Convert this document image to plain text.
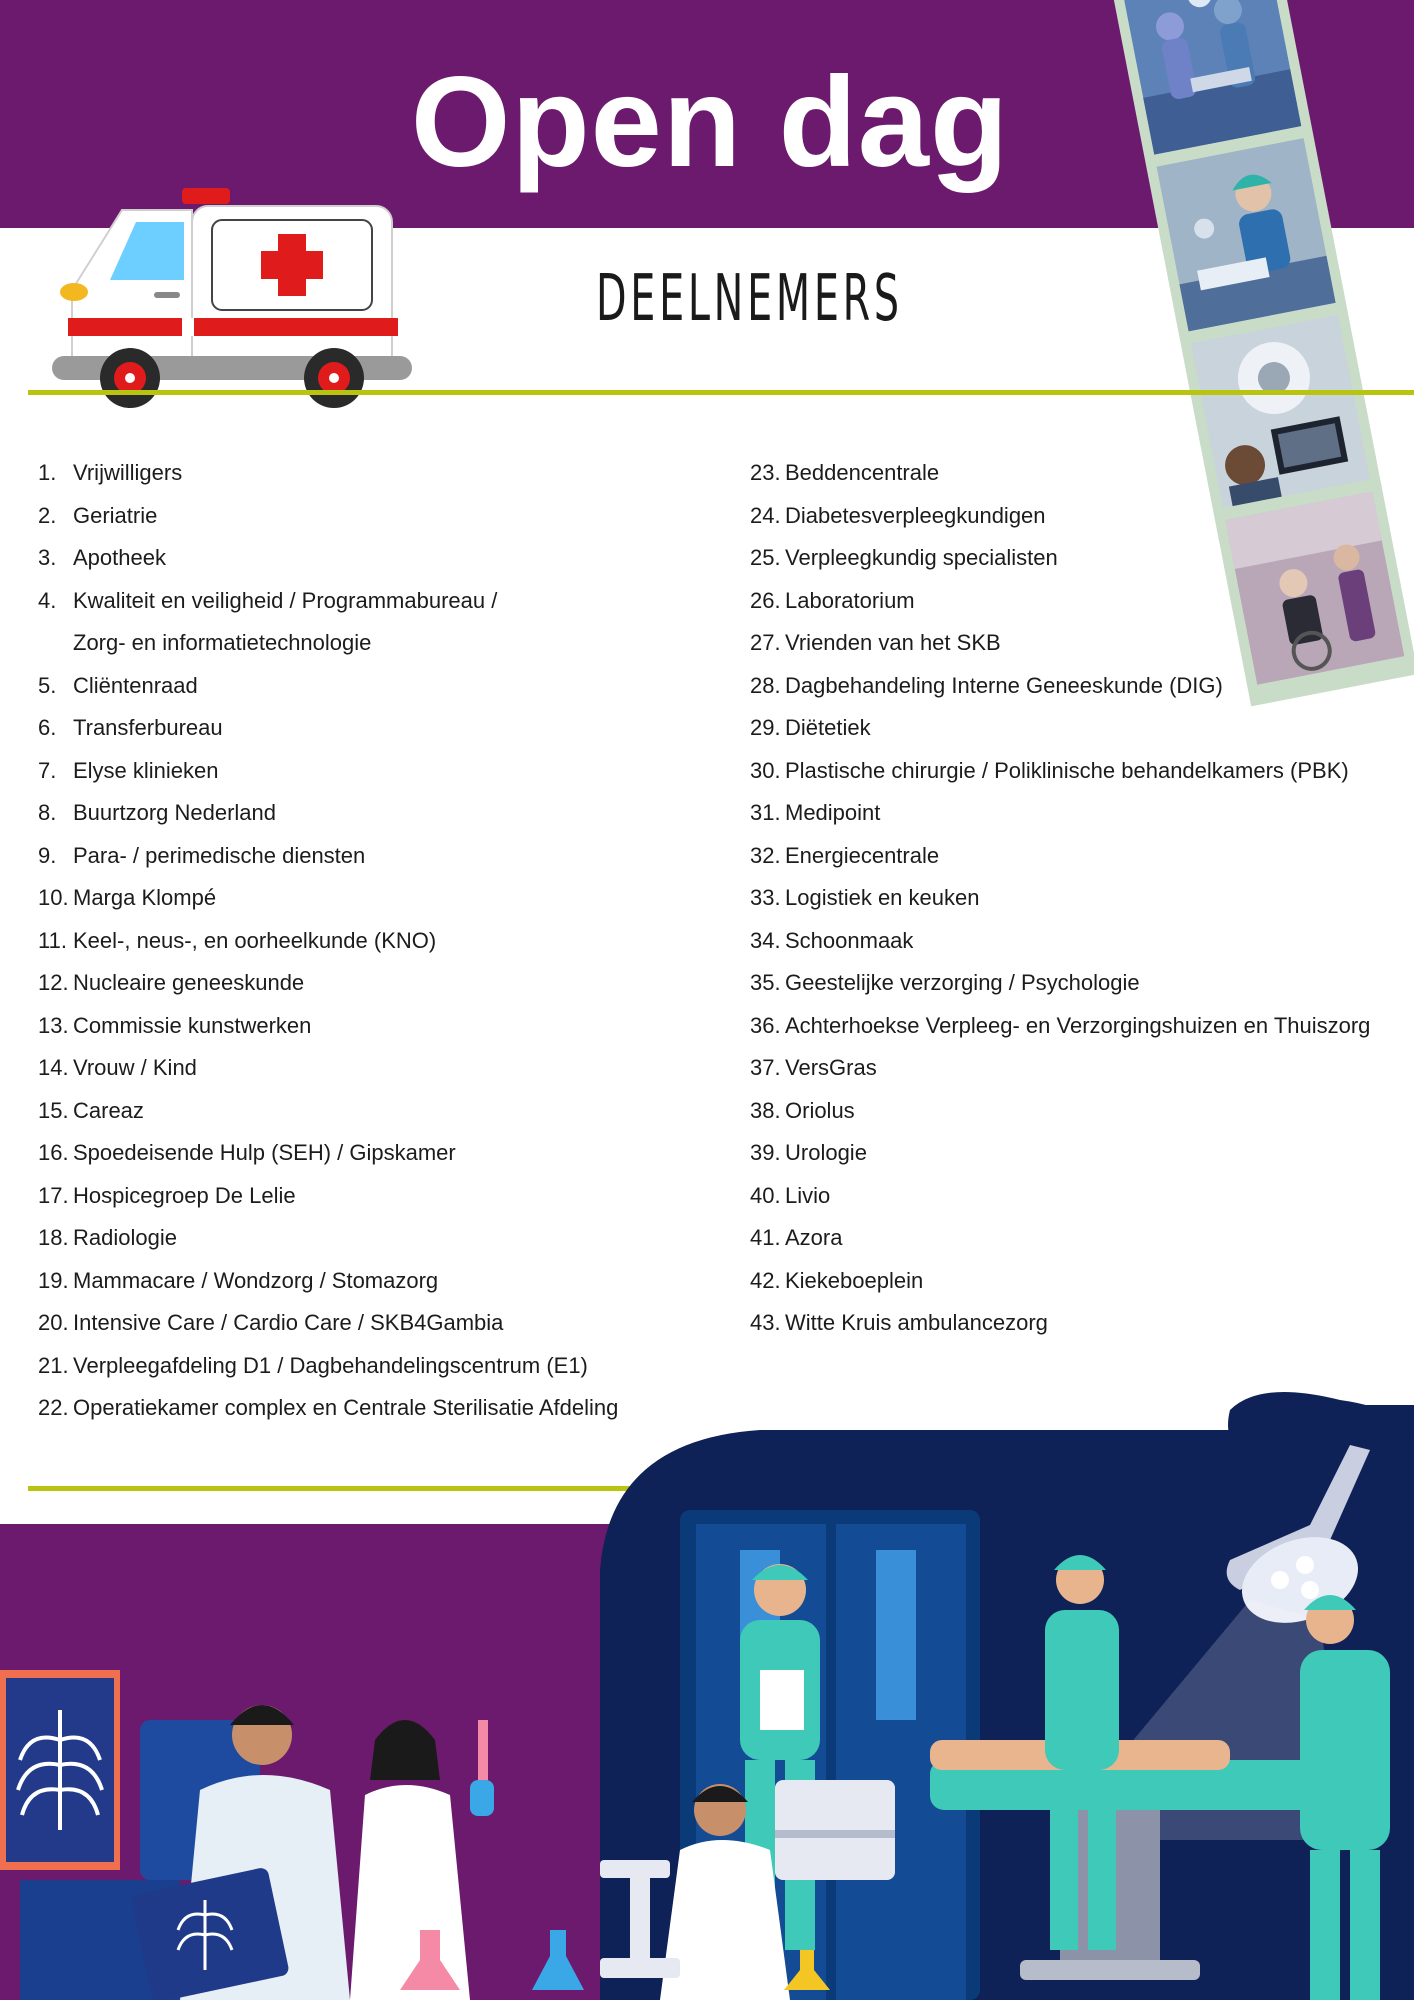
Open dag
DEELNEMERS
1. Vrijwilligers
2. Geriatrie
3. Apotheek
4. Kwaliteit en veiligheid / Programmabureau /
Zorg- en informatietechnologie
5. Cliëntenraad
6. Transferbureau
7. Elyse klinieken
8. Buurtzorg Nederland
9. Para- / perimedische diensten
10. Marga Klompé
11. Keel-, neus-, en oorheelkunde (KNO)
12. Nucleaire geneeskunde
13. Commissie kunstwerken
14. Vrouw / Kind
15. Careaz
16. Spoedeisende Hulp (SEH) / Gipskamer
17. Hospicegroep De Lelie
18. Radiologie
19. Mammacare / Wondzorg / Stomazorg
20. Intensive Care / Cardio Care / SKB4Gambia
21. Verpleegafdeling D1 / Dagbehandelingscentrum (E1)
22. Operatiekamer complex en Centrale Sterilisatie Afdeling
23. Beddencentrale
24. Diabetesverpleegkundigen
25. Verpleegkundig specialisten
26. Laboratorium
27. Vrienden van het SKB
28. Dagbehandeling Interne Geneeskunde (DIG)
29. Diëtetiek
30. Plastische chirurgie / Poliklinische behandelkamers (PBK)
31. Medipoint
32. Energiecentrale
33. Logistiek en keuken
34. Schoonmaak
35. Geestelijke verzorging / Psychologie
36. Achterhoekse Verpleeg- en Verzorgingshuizen en Thuiszorg
37. VersGras
38. Oriolus
39. Urologie
40. Livio
41. Azora
42. Kiekeboeplein
43. Witte Kruis ambulancezorg
